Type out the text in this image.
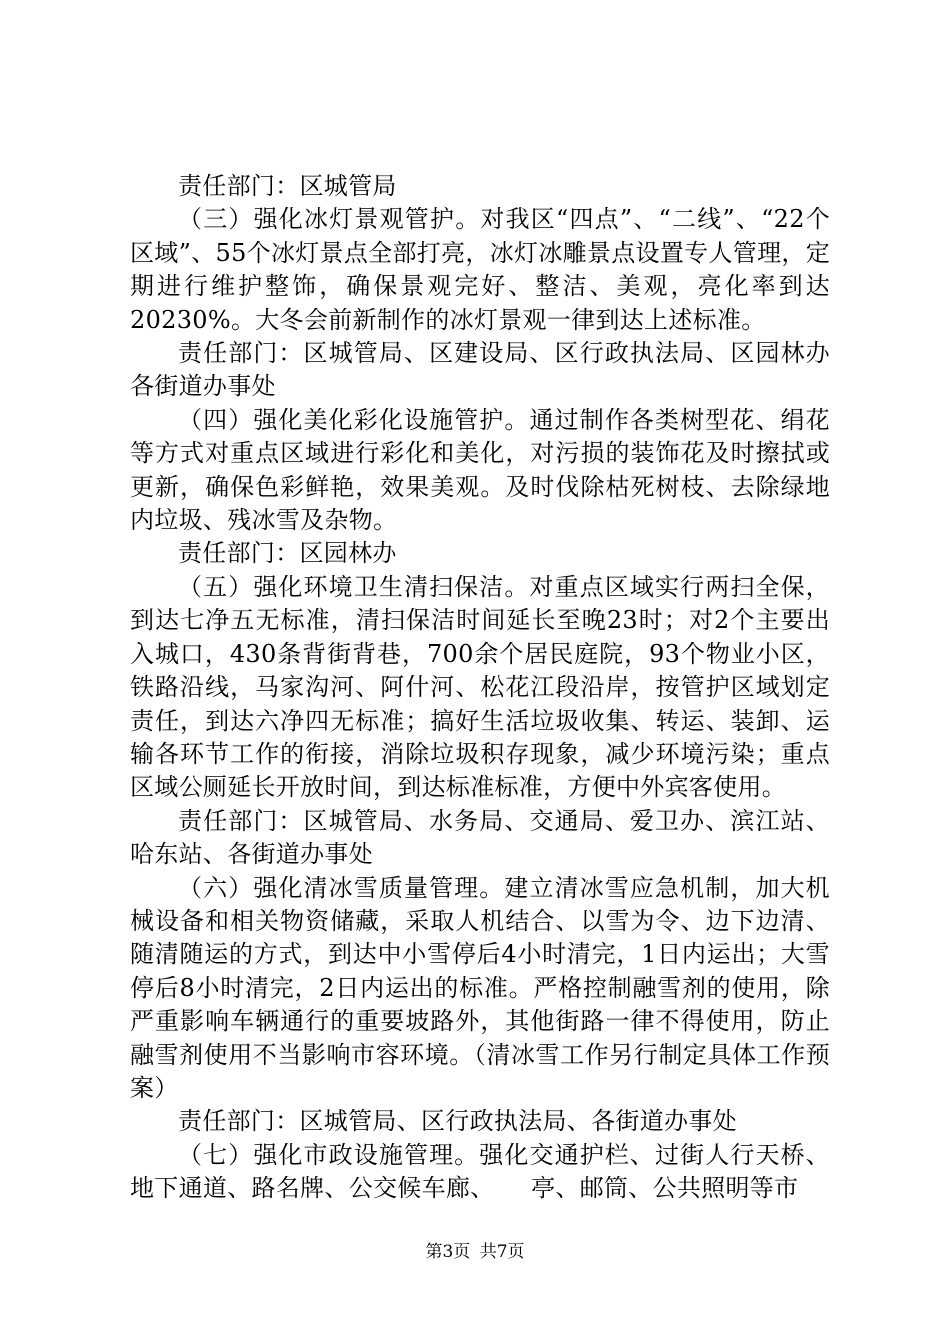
责任部门：区城管局

（三）强化冰灯景观管护。对我区“四点”、“二线”、“22个区域”、55个冰灯景点全部打亮，冰灯冰雕景点设置专人管理，定期进行维护整饰，确保景观完好、整洁、美观，亮化率到达20230%。大冬会前新制作的冰灯景观一律到达上述标准。

责任部门：区城管局、区建设局、区行政执法局、区园林办各街道办事处

（四）强化美化彩化设施管护。通过制作各类树型花、绢花等方式对重点区域进行彩化和美化，对污损的装饰花及时擦拭或更新，确保色彩鲜艳，效果美观。及时伐除枯死树枝、去除绿地内垃圾、残冰雪及杂物。

责任部门：区园林办

（五）强化环境卫生清扫保洁。对重点区域实行两扫全保，到达七净五无标准，清扫保洁时间延长至晚23时；对2个主要出入城口，430条背街背巷，700余个居民庭院，93个物业小区，铁路沿线，马家沟河、阿什河、松花江段沿岸，按管护区域划定责任，到达六净四无标准；搞好生活垃圾收集、转运、装卸、运输各环节工作的衔接，消除垃圾积存现象，减少环境污染；重点区域公厕延长开放时间，到达标准标准，方便中外宾客使用。

责任部门：区城管局、水务局、交通局、爱卫办、滨江站、哈东站、各街道办事处

（六）强化清冰雪质量管理。建立清冰雪应急机制，加大机械设备和相关物资储藏，采取人机结合、以雪为令、边下边清、随清随运的方式，到达中小雪停后4小时清完，1日内运出；大雪停后8小时清完，2日内运出的标准。严格控制融雪剂的使用，除严重影响车辆通行的重要坡路外，其他街路一律不得使用，防止融雪剂使用不当影响市容环境。（清冰雪工作另行制定具体工作预案）

责任部门：区城管局、区行政执法局、各街道办事处

（七）强化市政设施管理。强化交通护栏、过街人行天桥、地下通道、路名牌、公交候车廊、　　亭、邮筒、公共照明等市

第3页 共7页
